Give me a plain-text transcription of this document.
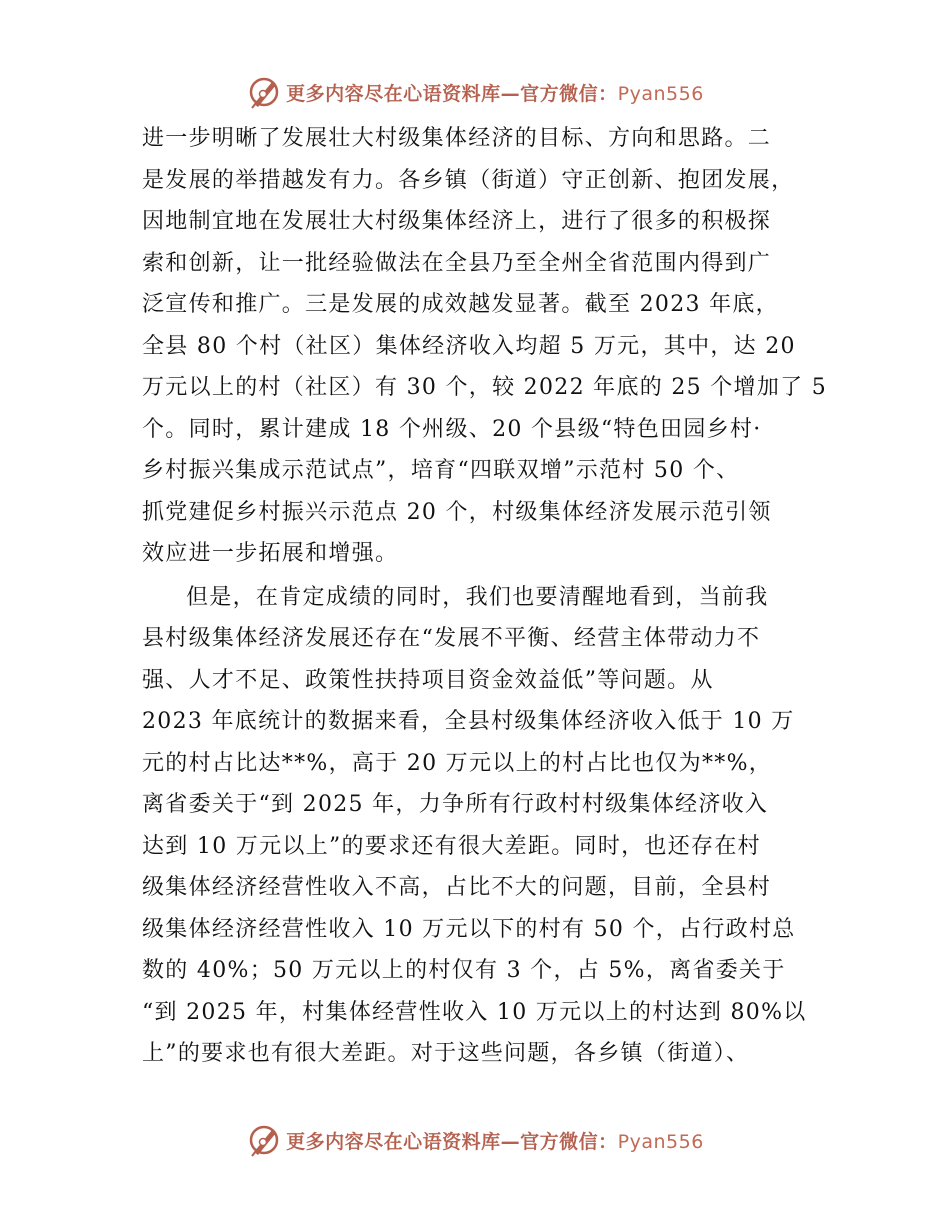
更多内容尽在心语资料库—官方微信：Pyan556
进一步明晰了发展壮大村级集体经济的目标、方向和思路。二
是发展的举措越发有力。各乡镇（街道）守正创新、抱团发展，
因地制宜地在发展壮大村级集体经济上，进行了很多的积极探
索和创新，让一批经验做法在全县乃至全州全省范围内得到广
泛宣传和推广。三是发展的成效越发显著。截至 2023 年底，
全县 80 个村（社区）集体经济收入均超 5 万元，其中，达 20
万元以上的村（社区）有 30 个，较 2022 年底的 25 个增加了 5
个。同时，累计建成 18 个州级、20 个县级“特色田园乡村·
乡村振兴集成示范试点”，培育“四联双增”示范村 50 个、
抓党建促乡村振兴示范点 20 个，村级集体经济发展示范引领
效应进一步拓展和增强。
但是，在肯定成绩的同时，我们也要清醒地看到，当前我
县村级集体经济发展还存在“发展不平衡、经营主体带动力不
强、人才不足、政策性扶持项目资金效益低”等问题。从
2023 年底统计的数据来看，全县村级集体经济收入低于 10 万
元的村占比达**%，高于 20 万元以上的村占比也仅为**%，
离省委关于“到 2025 年，力争所有行政村村级集体经济收入
达到 10 万元以上”的要求还有很大差距。同时，也还存在村
级集体经济经营性收入不高，占比不大的问题，目前，全县村
级集体经济经营性收入 10 万元以下的村有 50 个，占行政村总
数的 40%；50 万元以上的村仅有 3 个，占 5%，离省委关于
“到 2025 年，村集体经营性收入 10 万元以上的村达到 80%以
上”的要求也有很大差距。对于这些问题，各乡镇（街道）、
更多内容尽在心语资料库—官方微信：Pyan556
